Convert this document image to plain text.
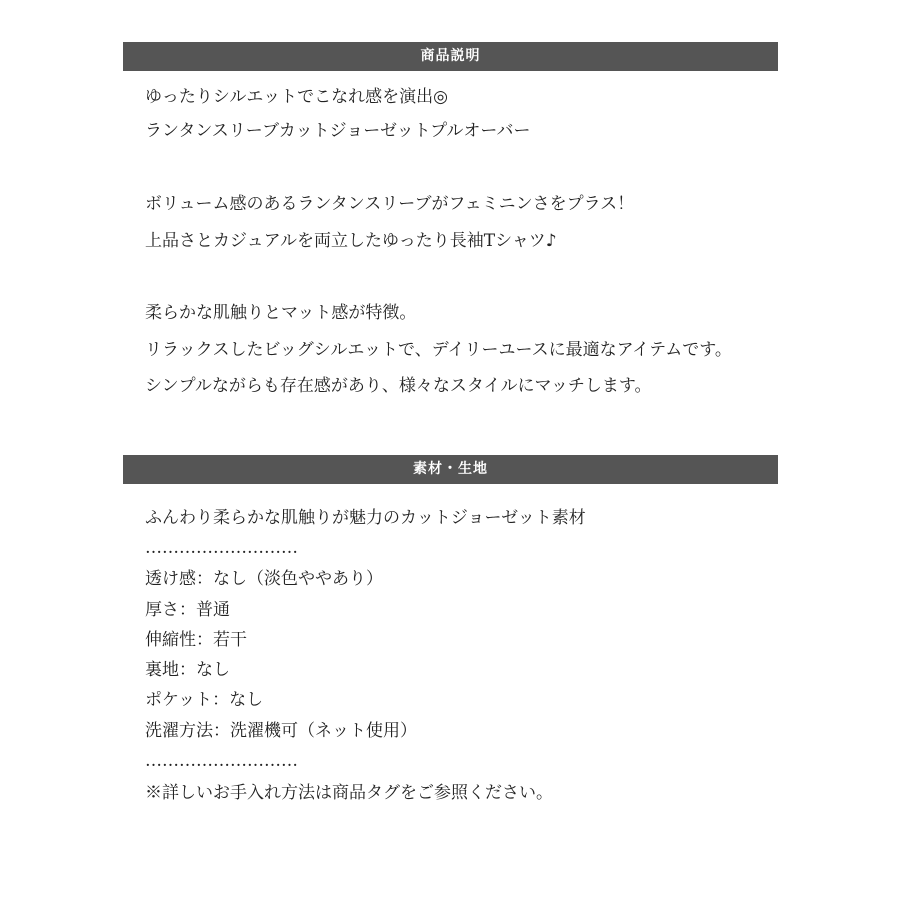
商品説明
ゆったりシルエットでこなれ感を演出◎
ランタンスリーブカットジョーゼットプルオーバー
ボリューム感のあるランタンスリーブがフェミニンさをプラス！
上品さとカジュアルを両立したゆったり長袖Tシャツ♪
柔らかな肌触りとマット感が特徴。
リラックスしたビッグシルエットで、デイリーユースに最適なアイテムです。
シンプルながらも存在感があり、様々なスタイルにマッチします。
素材・生地
ふんわり柔らかな肌触りが魅力のカットジョーゼット素材
………………………
透け感：なし（淡色ややあり）
厚さ：普通
伸縮性：若干
裏地：なし
ポケット：なし
洗濯方法：洗濯機可（ネット使用）
………………………
※詳しいお手入れ方法は商品タグをご参照ください。
